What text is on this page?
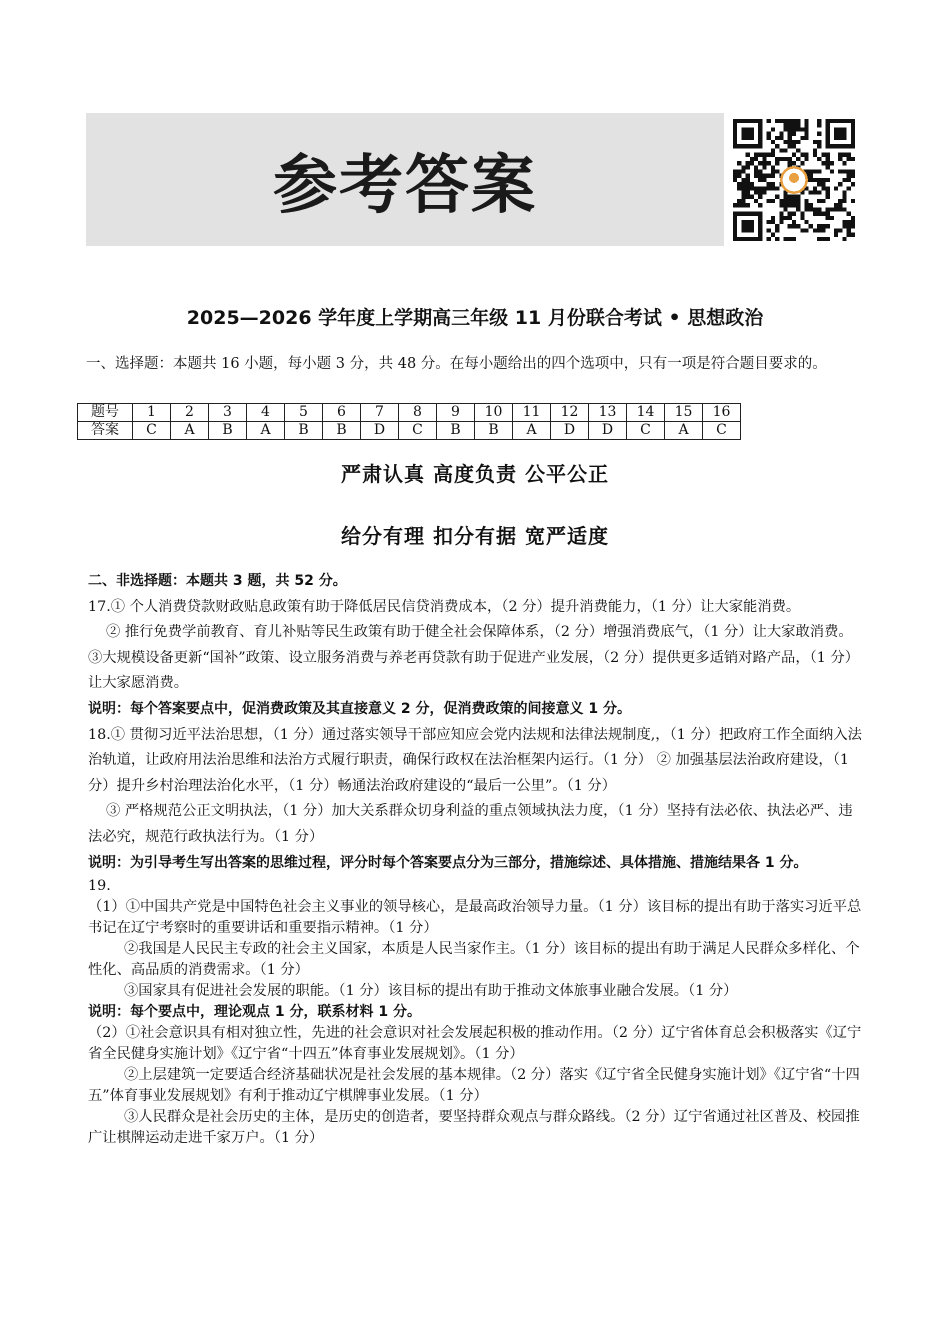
参考答案
2025—2026 学年度上学期高三年级 11 月份联合考试 • 思想政治
一、选择题：本题共 16 小题，每小题 3 分，共 48 分。在每小题给出的四个选项中，只有一项是符合题目要求的。
题号	1	2	3	4	5	6	7	8	9	10	11	12	13	14	15	16
答案	C	A	B	A	B	B	D	C	B	B	A	D	D	C	A	C
严肃认真 高度负责 公平公正
给分有理 扣分有据 宽严适度

二、非选择题：本题共 3 题，共 52 分。

17.① 个人消费贷款财政贴息政策有助于降低居民信贷消费成本，（2 分）提升消费能力，（1 分）让大家能消费。

② 推行免费学前教育、育儿补贴等民生政策有助于健全社会保障体系，（2 分）增强消费底气，（1 分）让大家敢消费。③大规模设备更新“国补”政策、设立服务消费与养老再贷款有助于促进产业发展，（2 分）提供更多适销对路产品，（1 分）让大家愿消费。

说明：每个答案要点中，促消费政策及其直接意义 2 分，促消费政策的间接意义 1 分。

18.① 贯彻习近平法治思想，（1 分）通过落实领导干部应知应会党内法规和法律法规制度,，（1 分）把政府工作全面纳入法治轨道，让政府用法治思维和法治方式履行职责，确保行政权在法治框架内运行。（1 分） ② 加强基层法治政府建设，（1 分）提升乡村治理法治化水平，（1 分）畅通法治政府建设的“最后一公里”。（1 分）

③ 严格规范公正文明执法，（1 分）加大关系群众切身利益的重点领域执法力度，（1 分）坚持有法必依、执法必严、违法必究，规范行政执法行为。（1 分）

说明：为引导考生写出答案的思维过程，评分时每个答案要点分为三部分，措施综述、具体措施、措施结果各 1 分。

19.

（1）①中国共产党是中国特色社会主义事业的领导核心，是最高政治领导力量。（1 分）该目标的提出有助于落实习近平总书记在辽宁考察时的重要讲话和重要指示精神。（1 分）

②我国是人民民主专政的社会主义国家，本质是人民当家作主。（1 分）该目标的提出有助于满足人民群众多样化、个性化、高品质的消费需求。（1 分）

③国家具有促进社会发展的职能。（1 分）该目标的提出有助于推动文体旅事业融合发展。（1 分）

说明：每个要点中，理论观点 1 分，联系材料 1 分。

（2）①社会意识具有相对独立性，先进的社会意识对社会发展起积极的推动作用。（2 分）辽宁省体育总会积极落实《辽宁省全民健身实施计划》《辽宁省“十四五”体育事业发展规划》。（1 分）

②上层建筑一定要适合经济基础状况是社会发展的基本规律。（2 分）落实《辽宁省全民健身实施计划》《辽宁省“十四五”体育事业发展规划》有利于推动辽宁棋牌事业发展。（1 分）

③人民群众是社会历史的主体，是历史的创造者，要坚持群众观点与群众路线。（2 分）辽宁省通过社区普及、校园推广让棋牌运动走进千家万户。（1 分）
